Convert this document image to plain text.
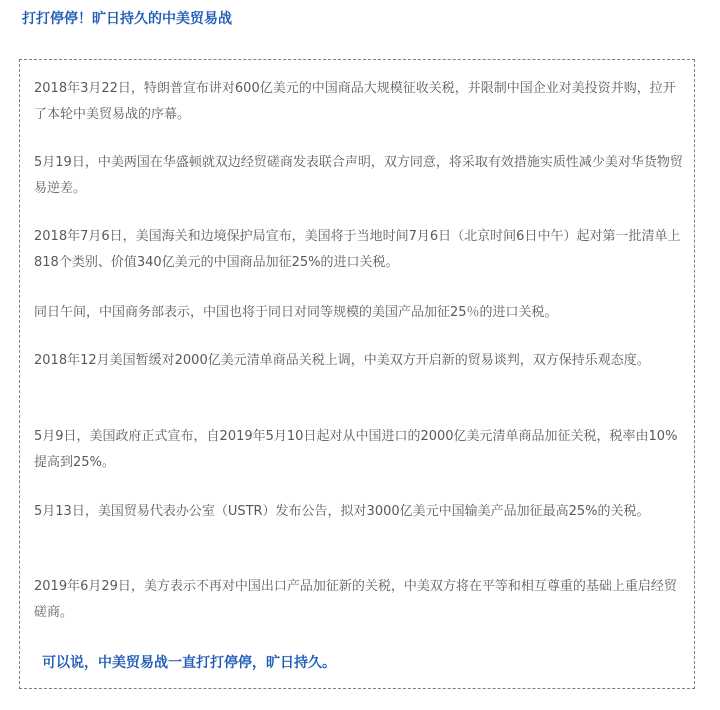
打打停停！旷日持久的中美贸易战

2018年3月22日，特朗普宣布讲对600亿美元的中国商品大规模征收关税，并限制中国企业对美投资并购，拉开了本轮中美贸易战的序幕。

5月19日，中美两国在华盛顿就双边经贸磋商发表联合声明，双方同意，将采取有效措施实质性减少美对华货物贸易逆差。

2018年7月6日，美国海关和边境保护局宣布，美国将于当地时间7月6日（北京时间6日中午）起对第一批清单上818个类别、价值340亿美元的中国商品加征25%的进口关税。

同日午间，中国商务部表示，中国也将于同日对同等规模的美国产品加征25％的进口关税。

2018年12月美国暂缓对2000亿美元清单商品关税上调，中美双方开启新的贸易谈判，双方保持乐观态度。

5月9日，美国政府正式宣布，自2019年5月10日起对从中国进口的2000亿美元清单商品加征关税，税率由10%提高到25%。

5月13日，美国贸易代表办公室（USTR）发布公告，拟对3000亿美元中国输美产品加征最高25%的关税。

2019年6月29日，美方表示不再对中国出口产品加征新的关税，中美双方将在平等和相互尊重的基础上重启经贸磋商。

可以说，中美贸易战一直打打停停，旷日持久。
